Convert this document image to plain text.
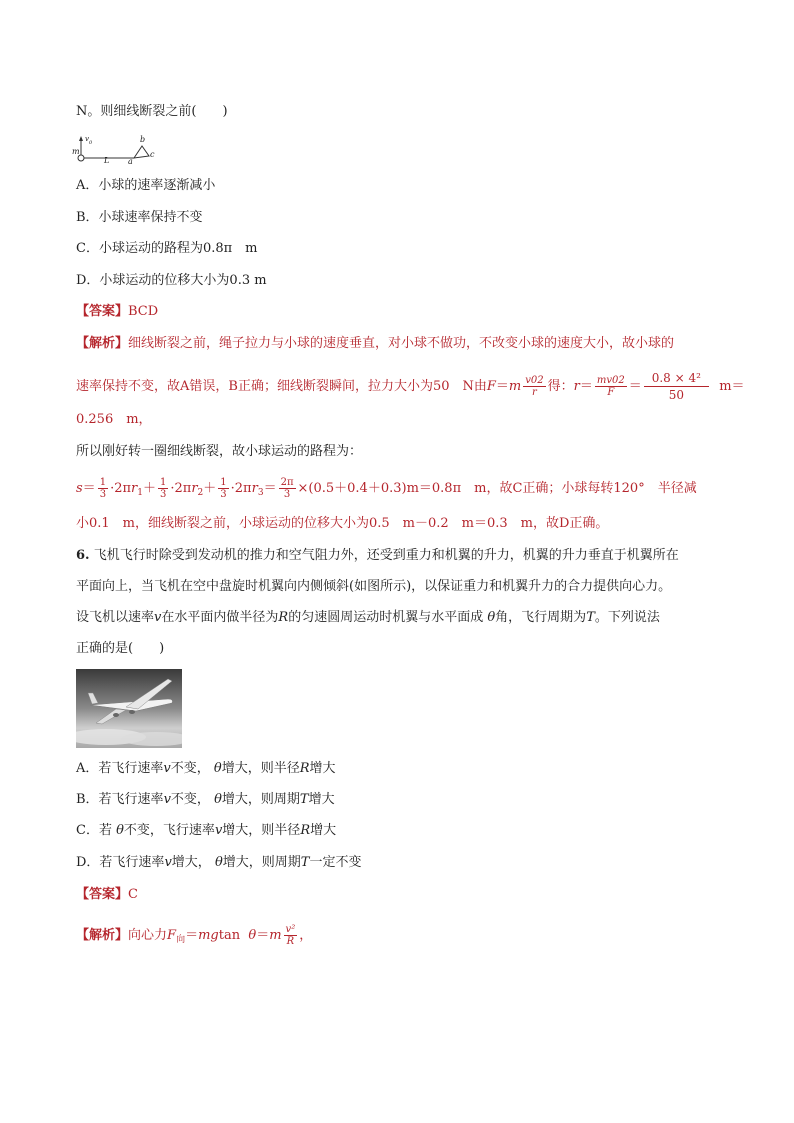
N。则细线断裂之前(　　)
$v_0$
m
L a
b
c
A．小球的速率逐渐减小
B．小球速率保持不变
C．小球运动的路程为0.8π　m
D．小球运动的位移大小为0.3 m
【答案】BCD
【解析】细线断裂之前，绳子拉力与小球的速度垂直，对小球不做功，不改变小球的速度大小，故小球的
速率保持不变，故A错误，B正确；细线断裂瞬间，拉力大小为50　N由$F=m \frac{v02}{r}$ 得：$r= \frac{mv02}{F} = \frac{\text{0.8 × 4²}}{50} m=$
0.256　m，
所以刚好转一圈细线断裂，故小球运动的路程为：
$s= \frac{1}{3} \cdot 2\pi r_1+ \frac{1}{3} \cdot 2\pi r_2+ \frac{1}{3} \cdot 2\pi r_3= \frac{2\pi}{3} \times(0.5+0.4+0.3)m=0.8\pi$　m，故C正确；小球每转120°　半径减
小0.1　m，细线断裂之前，小球运动的位移大小为0.5　m－0.2　m＝0.3　m，故D正确。
6. 飞机飞行时除受到发动机的推力和空气阻力外，还受到重力和机翼的升力，机翼的升力垂直于机翼所在
平面向上，当飞机在空中盘旋时机翼向内侧倾斜(如图所示)，以保证重力和机翼升力的合力提供向心力。
设飞机以速率v在水平面内做半径为R的匀速圆周运动时机翼与水平面成 θ角，飞行周期为T。下列说法
正确的是(　　)
A．若飞行速率v不变， θ增大，则半径R增大
B．若飞行速率v不变， θ增大，则周期T增大
C．若 θ不变，飞行速率v增大，则半径R增大
D．若飞行速率v增大， θ增大，则周期T一定不变
【答案】C
【解析】向心力$F_向=mgtan$ $\theta=m \frac{\text{v²}}{R}$ ，
